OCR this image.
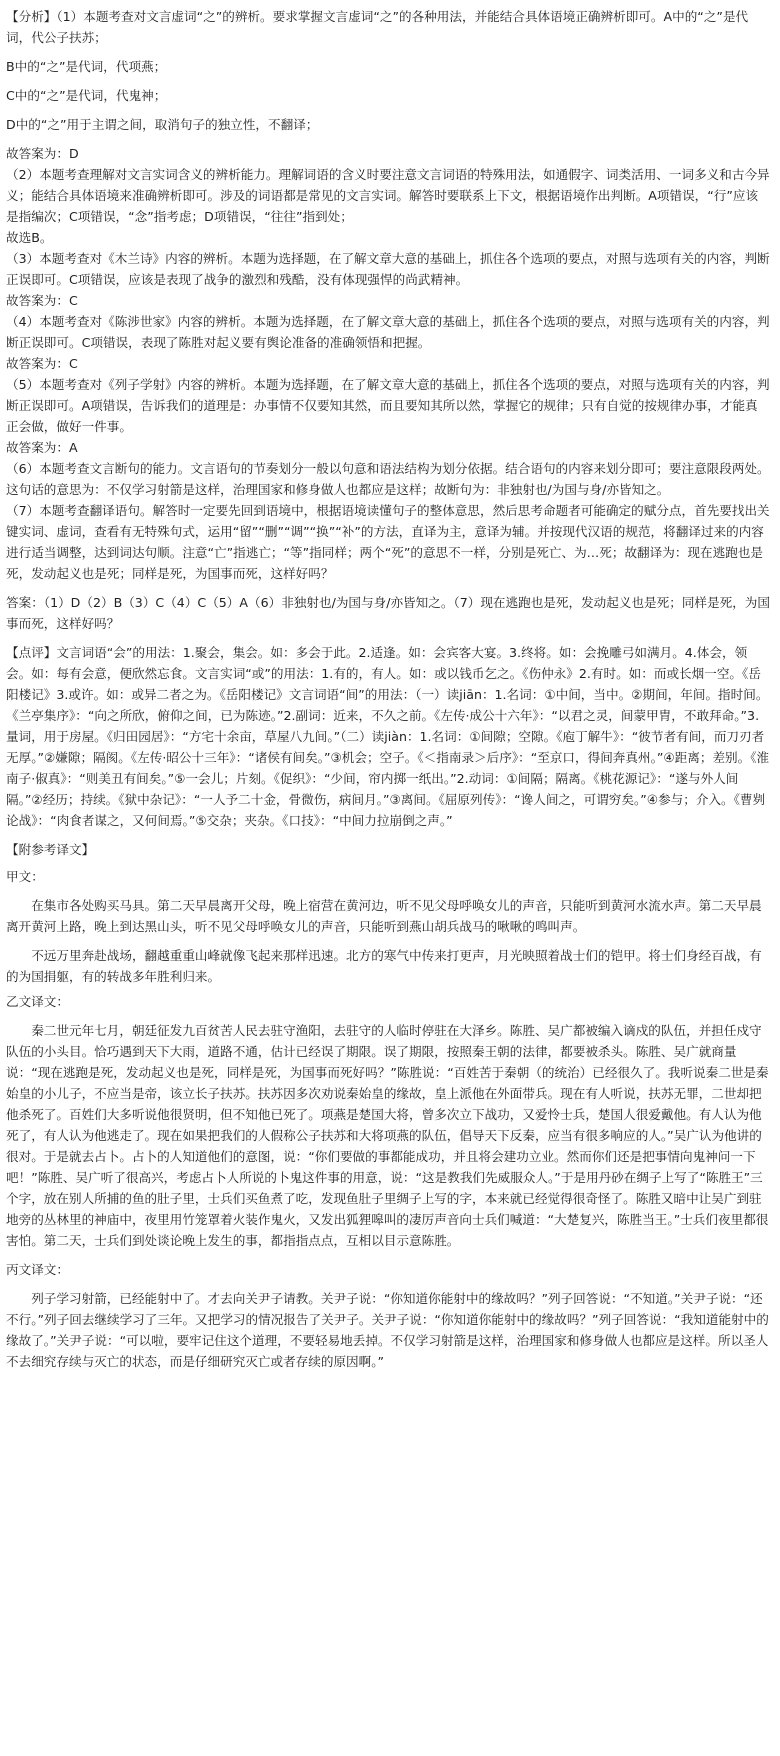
【分析】（1）本题考查对文言虚词“之”的辨析。要求掌握文言虚词“之”的各种用法，并能结合具体语境正确辨析即可。A中的“之”是代词，代公子扶苏；

B中的“之”是代词，代项燕；

C中的“之”是代词，代鬼神；

D中的“之”用于主谓之间，取消句子的独立性，不翻译；

故答案为：D

（2）本题考查理解对文言实词含义的辨析能力。理解词语的含义时要注意文言词语的特殊用法，如通假字、词类活用、一词多义和古今异义；能结合具体语境来准确辨析即可。涉及的词语都是常见的文言实词。解答时要联系上下文，根据语境作出判断。A项错误，“行”应该是指编次；C项错误，“念”指考虑；D项错误，“往往”指到处；

故选B。

（3）本题考查对《木兰诗》内容的辨析。本题为选择题，在了解文章大意的基础上，抓住各个选项的要点，对照与选项有关的内容，判断正误即可。C项错误，应该是表现了战争的激烈和残酷，没有体现强悍的尚武精神。

故答案为：C

（4）本题考查对《陈涉世家》内容的辨析。本题为选择题，在了解文章大意的基础上，抓住各个选项的要点，对照与选项有关的内容，判断正误即可。C项错误，表现了陈胜对起义要有舆论准备的准确领悟和把握。

故答案为：C

（5）本题考查对《列子学射》内容的辨析。本题为选择题，在了解文章大意的基础上，抓住各个选项的要点，对照与选项有关的内容，判断正误即可。A项错误，告诉我们的道理是：办事情不仅要知其然，而且要知其所以然，掌握它的规律；只有自觉的按规律办事，才能真正会做，做好一件事。

故答案为：A

（6）本题考查文言断句的能力。文言语句的节奏划分一般以句意和语法结构为划分依据。结合语句的内容来划分即可；要注意限段两处。这句话的意思为：不仅学习射箭是这样，治理国家和修身做人也都应是这样；故断句为：非独射也/为国与身/亦皆知之。

（7）本题考查翻译语句。解答时一定要先回到语境中，根据语境读懂句子的整体意思，然后思考命题者可能确定的赋分点，首先要找出关键实词、虚词，查看有无特殊句式，运用“留”“删”“调”“换”“补”的方法，直译为主，意译为辅。并按现代汉语的规范，将翻译过来的内容进行适当调整，达到词达句顺。注意“亡”指逃亡；“等”指同样；两个“死”的意思不一样，分别是死亡、为…死；故翻译为：现在逃跑也是死，发动起义也是死；同样是死，为国事而死，这样好吗？

答案：（1）D（2）B（3）C（4）C（5）A（6）非独射也/为国与身/亦皆知之。（7）现在逃跑也是死，发动起义也是死；同样是死，为国事而死，这样好吗？

【点评】文言词语“会”的用法：1.聚会，集会。如：多会于此。2.适逢。如：会宾客大宴。3.终将。如：会挽雕弓如满月。4.体会，领会。如：每有会意，便欣然忘食。文言实词“或”的用法：1.有的，有人。如：或以钱币乞之。《伤仲永》2.有时。如：而或长烟一空。《岳阳楼记》3.或许。如：或异二者之为。《岳阳楼记》文言词语“间”的用法：（一）读jiān：1.名词：①中间，当中。②期间，年间。指时间。《兰亭集序》：“向之所欣，俯仰之间，已为陈迹。”2.副词：近来，不久之前。《左传·成公十六年》：“以君之灵，间蒙甲胄，不敢拜命。”3.量词，用于房屋。《归田园居》：“方宅十余亩，草屋八九间。”（二）读jiàn：1.名词：①间隙；空隙。《庖丁解牛》：“彼节者有间，而刀刃者无厚。”②嫌隙；隔阂。《左传·昭公十三年》：“诸侯有间矣。”③机会；空子。《＜指南录＞后序》：“至京口，得间奔真州。”④距离；差别。《淮南子·俶真》：“则美丑有间矣。”⑤一会儿；片刻。《促织》：“少间，帘内掷一纸出。”2.动词：①间隔；隔离。《桃花源记》：“遂与外人间隔。”②经历；持续。《狱中杂记》：“一人予二十金，骨微伤，病间月。”③离间。《屈原列传》：“谗人间之，可谓穷矣。”④参与；介入。《曹刿论战》：“肉食者谋之，又何间焉。”⑤交杂；夹杂。《口技》：“中间力拉崩倒之声。”

【附参考译文】

甲文：

在集市各处购买马具。第二天早晨离开父母，晚上宿营在黄河边，听不见父母呼唤女儿的声音，只能听到黄河水流水声。第二天早晨离开黄河上路，晚上到达黑山头，听不见父母呼唤女儿的声音，只能听到燕山胡兵战马的啾啾的鸣叫声。

不远万里奔赴战场，翻越重重山峰就像飞起来那样迅速。北方的寒气中传来打更声，月光映照着战士们的铠甲。将士们身经百战，有的为国捐躯，有的转战多年胜利归来。

乙文译文：

秦二世元年七月，朝廷征发九百贫苦人民去驻守渔阳，去驻守的人临时停驻在大泽乡。陈胜、吴广都被编入谪戍的队伍，并担任戍守队伍的小头目。恰巧遇到天下大雨，道路不通，估计已经误了期限。误了期限，按照秦王朝的法律，都要被杀头。陈胜、吴广就商量说：“现在逃跑是死，发动起义也是死，同样是死，为国事而死好吗？”陈胜说：“百姓苦于秦朝（的统治）已经很久了。我听说秦二世是秦始皇的小儿子，不应当是帝，该立长子扶苏。扶苏因多次劝说秦始皇的缘故，皇上派他在外面带兵。现在有人听说，扶苏无罪，二世却把他杀死了。百姓们大多听说他很贤明，但不知他已死了。项燕是楚国大将，曾多次立下战功，又爱怜士兵，楚国人很爱戴他。有人认为他死了，有人认为他逃走了。现在如果把我们的人假称公子扶苏和大将项燕的队伍，倡导天下反秦，应当有很多响应的人。”吴广认为他讲的很对。于是就去占卜。占卜的人知道他们的意图，说：“你们要做的事都能成功，并且将会建功立业。然而你们还是把事情向鬼神问一下吧！”陈胜、吴广听了很高兴，考虑占卜人所说的卜鬼这件事的用意，说：“这是教我们先威服众人。”于是用丹砂在绸子上写了“陈胜王”三个字，放在别人所捕的鱼的肚子里，士兵们买鱼煮了吃，发现鱼肚子里绸子上写的字，本来就已经觉得很奇怪了。陈胜又暗中让吴广到驻地旁的丛林里的神庙中，夜里用竹笼罩着火装作鬼火，又发出狐狸嗥叫的凄厉声音向士兵们喊道：“大楚复兴，陈胜当王。”士兵们夜里都很害怕。第二天，士兵们到处谈论晚上发生的事，都指指点点，互相以目示意陈胜。

丙文译文：

列子学习射箭，已经能射中了。才去向关尹子请教。关尹子说：“你知道你能射中的缘故吗？”列子回答说：“不知道。”关尹子说：“还不行。”列子回去继续学习了三年。又把学习的情况报告了关尹子。关尹子说：“你知道你能射中的缘故吗？”列子回答说：“我知道能射中的缘故了。”关尹子说：“可以啦，要牢记住这个道理，不要轻易地丢掉。不仅学习射箭是这样，治理国家和修身做人也都应是这样。所以圣人不去细究存续与灭亡的状态，而是仔细研究灭亡或者存续的原因啊。”
